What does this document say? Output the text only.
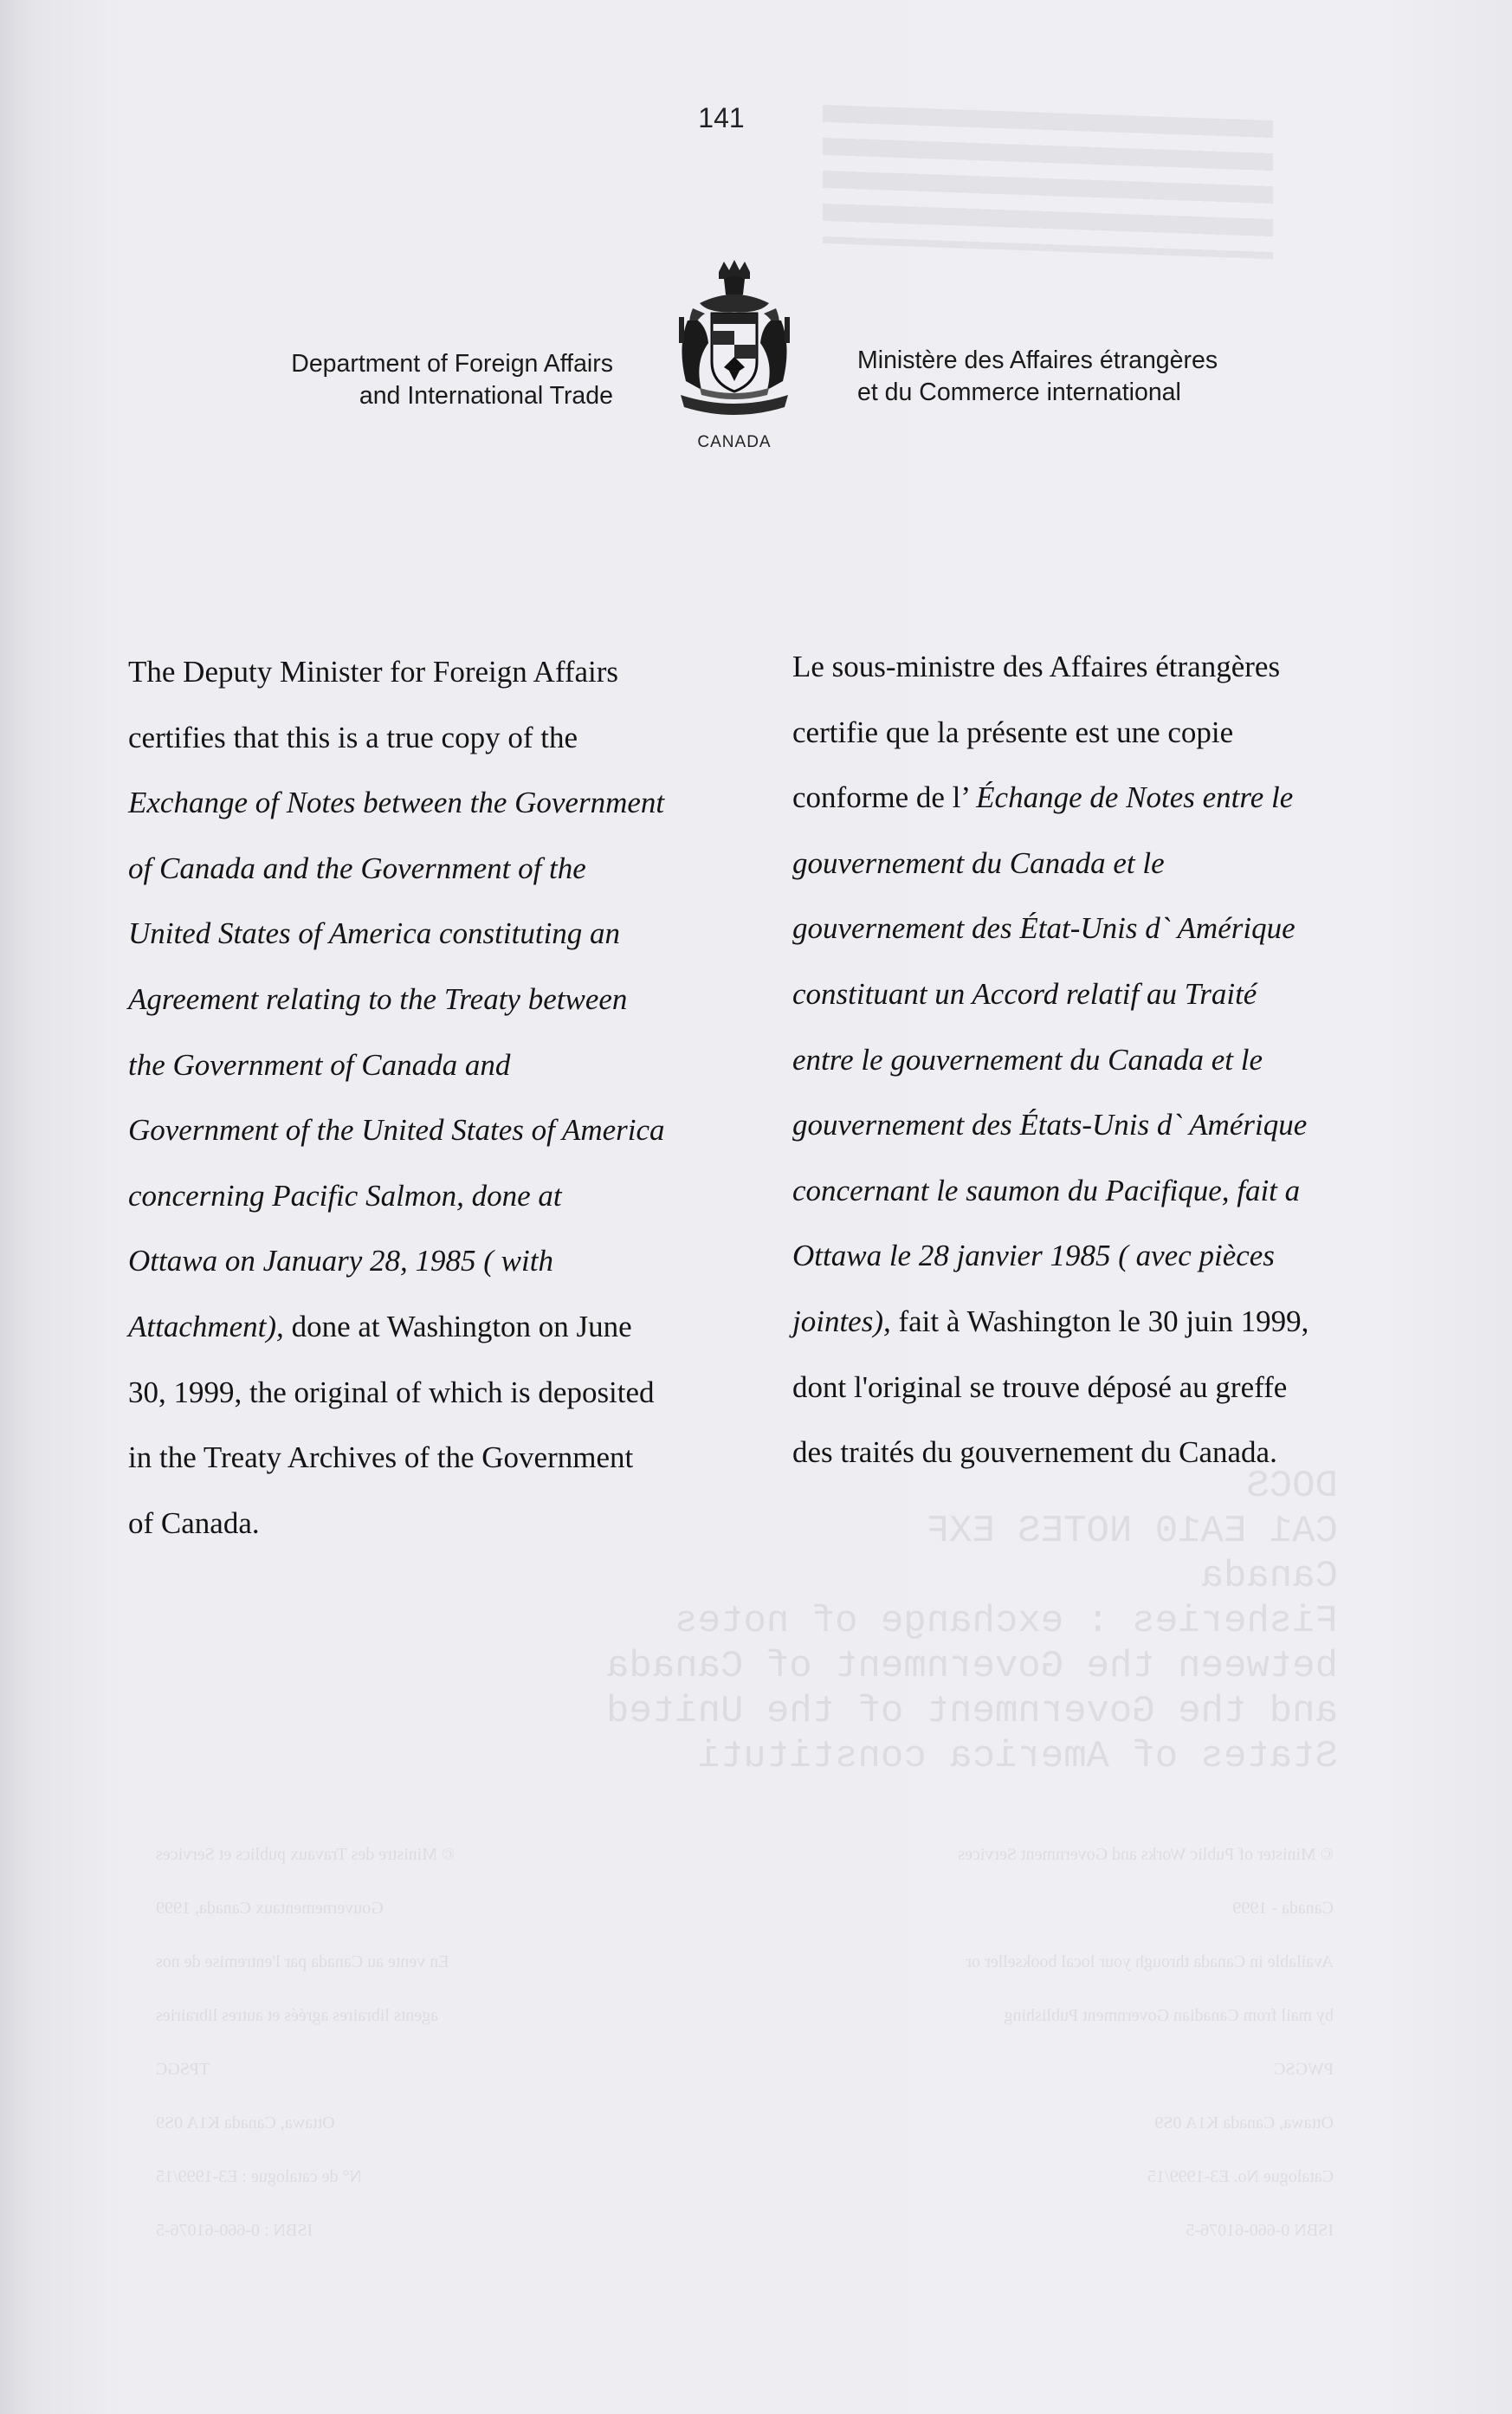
DOCS
CA1 EA10 NOTES EXF
Canada
Fisheries : exchange of notes
between the Government of Canada
and the Government of the United
States of America constituti
© Ministre des Travaux publics et Services
Gouvernementaux Canada, 1999
En vente au Canada par l'entremise de nos
agents libraires agréés et autres librairies
TPSGC
Ottawa, Canada K1A 0S9
N° de catalogue : E3-1999/15
ISBN : 0-660-61076-5
© Minister of Public Works and Government Services
Canada - 1999
Available in Canada through your local bookseller or
by mail from Canadian Government Publishing
PWGSC
Ottawa, Canada K1A 0S9
Catalogue No. E3-1999/15
ISBN 0-660-61076-5
141
Department of Foreign Affairs
and International Trade
CANADA
Ministère des Affaires étrangères
et du Commerce international

The Deputy Minister for Foreign Affairs

certifies that this is a true copy of the

Exchange of Notes between the Government

of Canada and the Government of the

United States of America constituting an

Agreement relating to the Treaty between

the Government of Canada and

Government of the United States of America

concerning Pacific Salmon, done at

Ottawa on January 28, 1985 ( with

Attachment), done at Washington on June

30, 1999, the original of which is deposited

in the Treaty Archives of the Government

of Canada.

Le sous-ministre des Affaires étrangères

certifie que la présente est une copie

conforme de l’ Échange de Notes entre le

gouvernement du Canada et le

gouvernement des État-Unis d` Amérique

constituant un Accord relatif au Traité

entre le gouvernement du Canada et le

gouvernement des États-Unis d` Amérique

concernant le saumon du Pacifique, fait a

Ottawa le 28 janvier 1985 ( avec pièces

jointes), fait à Washington le 30 juin 1999,

dont l'original se trouve déposé au greffe

des traités du gouvernement du Canada.
